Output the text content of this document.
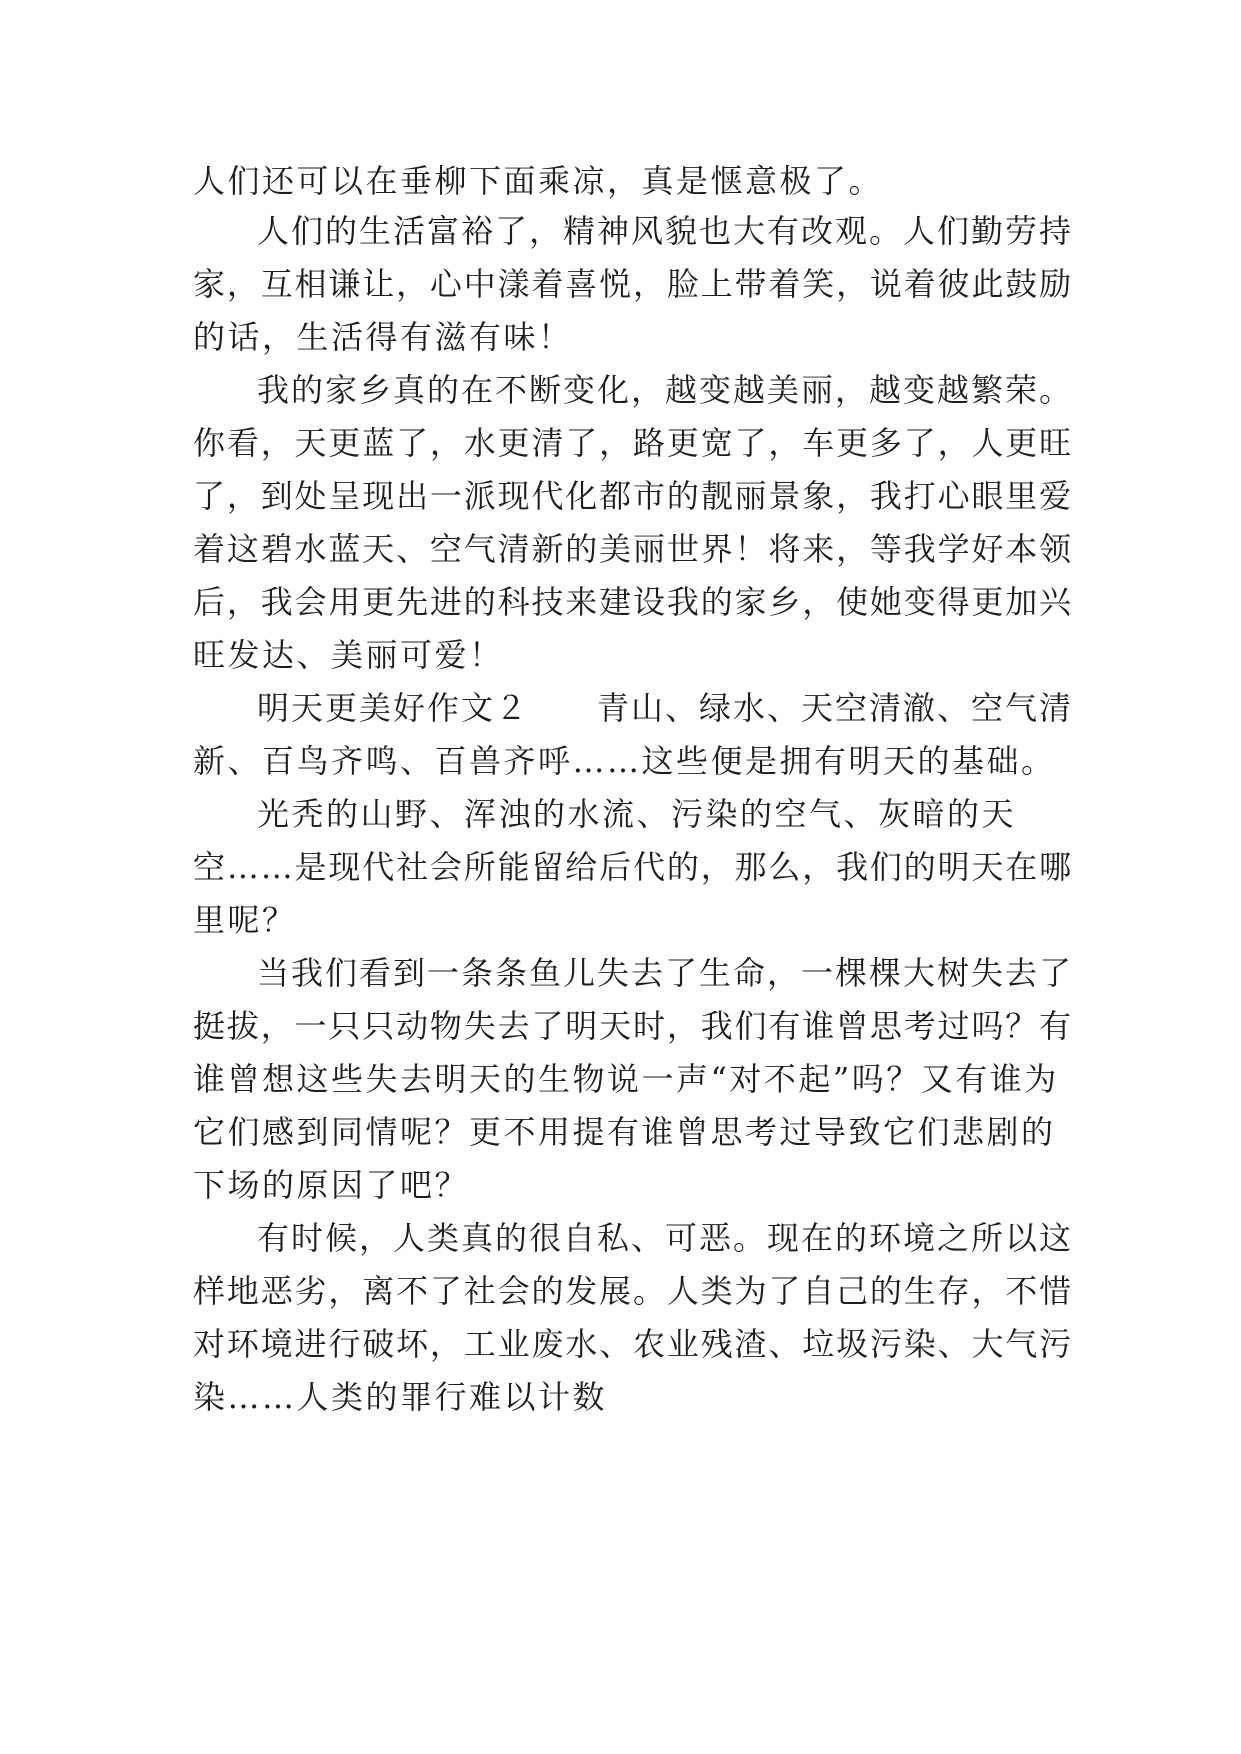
人们还可以在垂柳下面乘凉，真是惬意极了。
人们的生活富裕了，精神风貌也大有改观。人们勤劳持
家，互相谦让，心中漾着喜悦，脸上带着笑，说着彼此鼓励
的话，生活得有滋有味！
我的家乡真的在不断变化，越变越美丽，越变越繁荣。
你看，天更蓝了，水更清了，路更宽了，车更多了，人更旺
了，到处呈现出一派现代化都市的靓丽景象，我打心眼里爱
着这碧水蓝天、空气清新的美丽世界！将来，等我学好本领
后，我会用更先进的科技来建设我的家乡，使她变得更加兴
旺发达、美丽可爱！
明天更美好作文２　　青山、绿水、天空清澈、空气清
新、百鸟齐鸣、百兽齐呼……这些便是拥有明天的基础。
光秃的山野、浑浊的水流、污染的空气、灰暗的天
空……是现代社会所能留给后代的，那么，我们的明天在哪
里呢？
当我们看到一条条鱼儿失去了生命，一棵棵大树失去了
挺拔，一只只动物失去了明天时，我们有谁曾思考过吗？有
谁曾想这些失去明天的生物说一声“对不起”吗？又有谁为
它们感到同情呢？更不用提有谁曾思考过导致它们悲剧的
下场的原因了吧？
有时候，人类真的很自私、可恶。现在的环境之所以这
样地恶劣，离不了社会的发展。人类为了自己的生存，不惜
对环境进行破坏，工业废水、农业残渣、垃圾污染、大气污
染……人类的罪行难以计数
